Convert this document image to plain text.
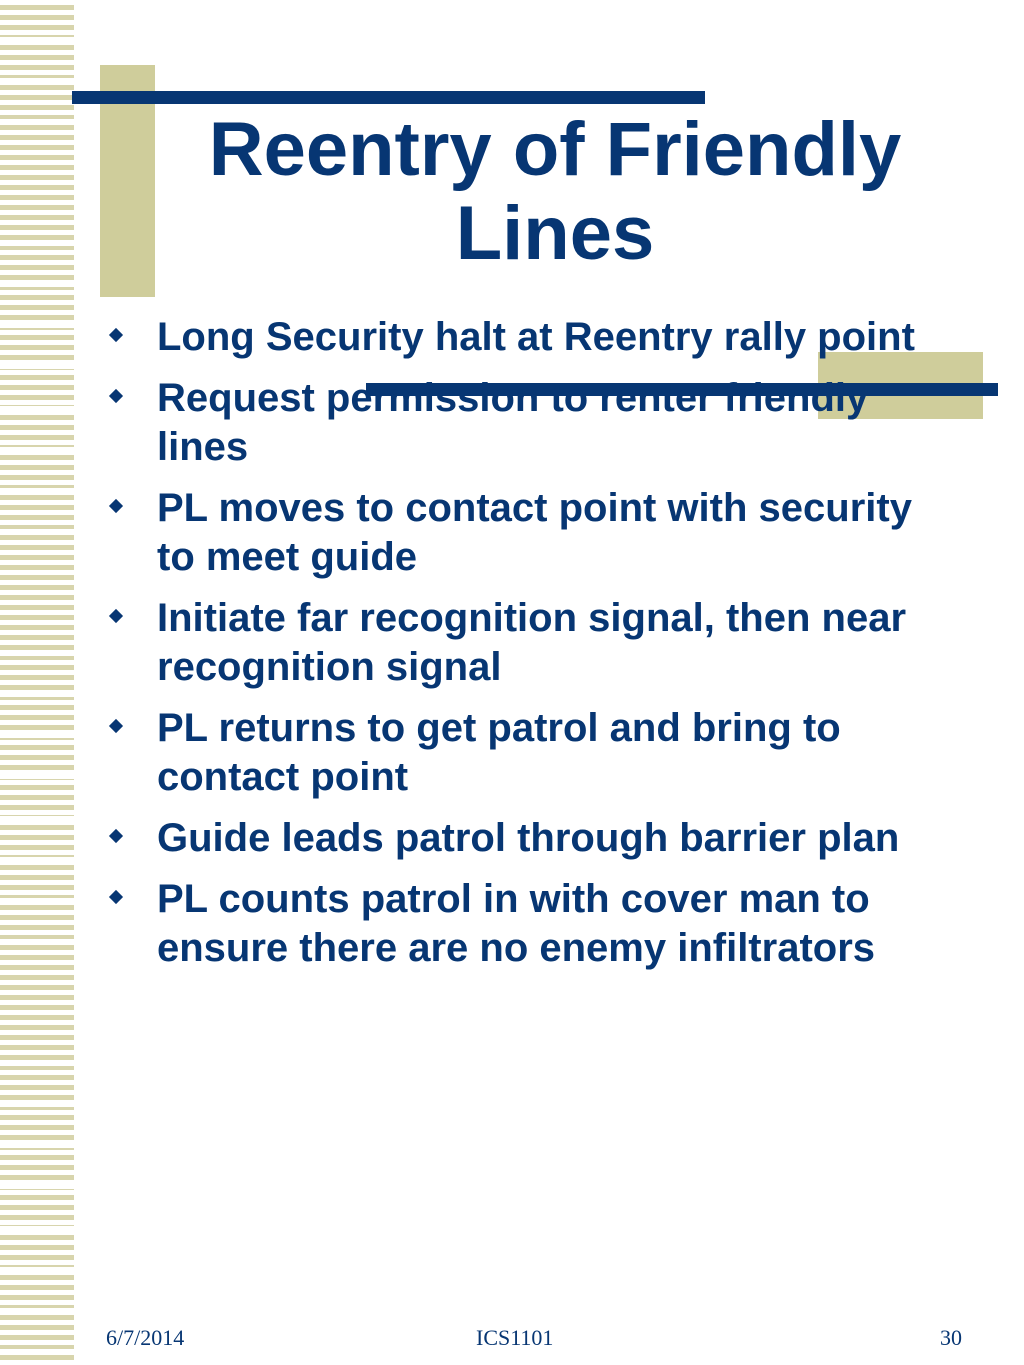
Reentry of Friendly Lines
Long Security halt at Reentry rally point
Request permission to renter friendly lines
PL moves to contact point with security to meet guide
Initiate far recognition signal, then near recognition signal
PL returns to get patrol and bring to contact point
Guide leads patrol through barrier plan
PL counts patrol in with cover man to ensure there are no enemy infiltrators
6/7/2014	ICS1101	30
